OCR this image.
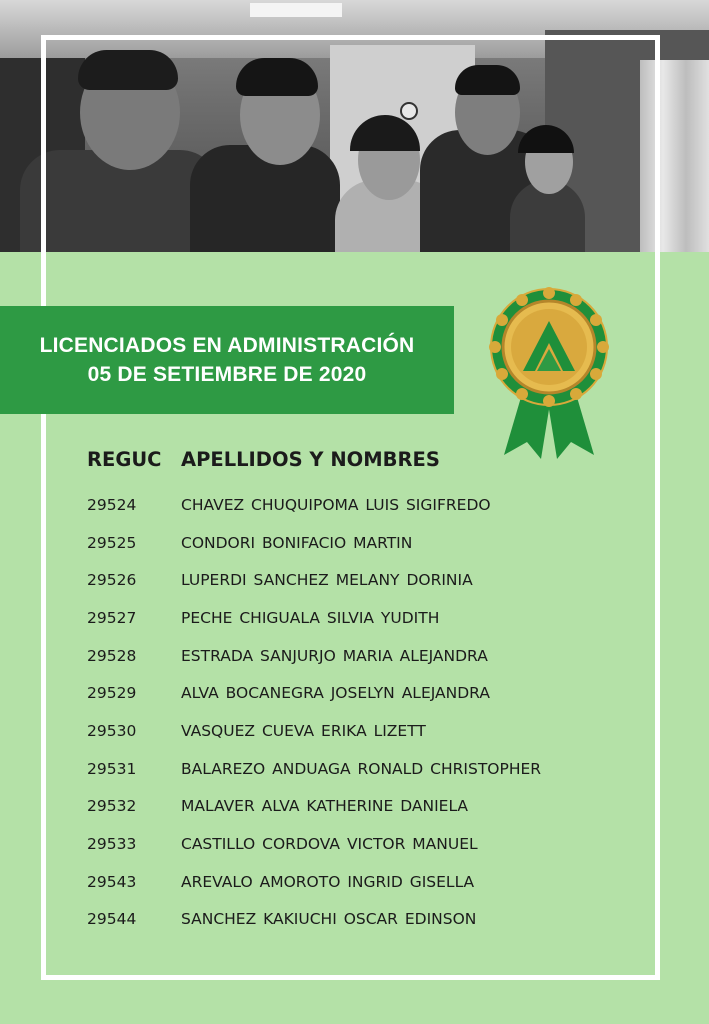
LICENCIADOS EN ADMINISTRACIÓN
05 DE SETIEMBRE DE 2020
REGUC	APELLIDOS Y NOMBRES
29524	CHAVEZ CHUQUIPOMA LUIS SIGIFREDO
29525	CONDORI BONIFACIO MARTIN
29526	LUPERDI SANCHEZ MELANY DORINIA
29527	PECHE CHIGUALA SILVIA YUDITH
29528	ESTRADA SANJURJO MARIA ALEJANDRA
29529	ALVA BOCANEGRA JOSELYN ALEJANDRA
29530	VASQUEZ CUEVA ERIKA LIZETT
29531	BALAREZO ANDUAGA RONALD CHRISTOPHER
29532	MALAVER ALVA KATHERINE DANIELA
29533	CASTILLO CORDOVA VICTOR MANUEL
29543	AREVALO AMOROTO INGRID GISELLA
29544	SANCHEZ KAKIUCHI OSCAR EDINSON
